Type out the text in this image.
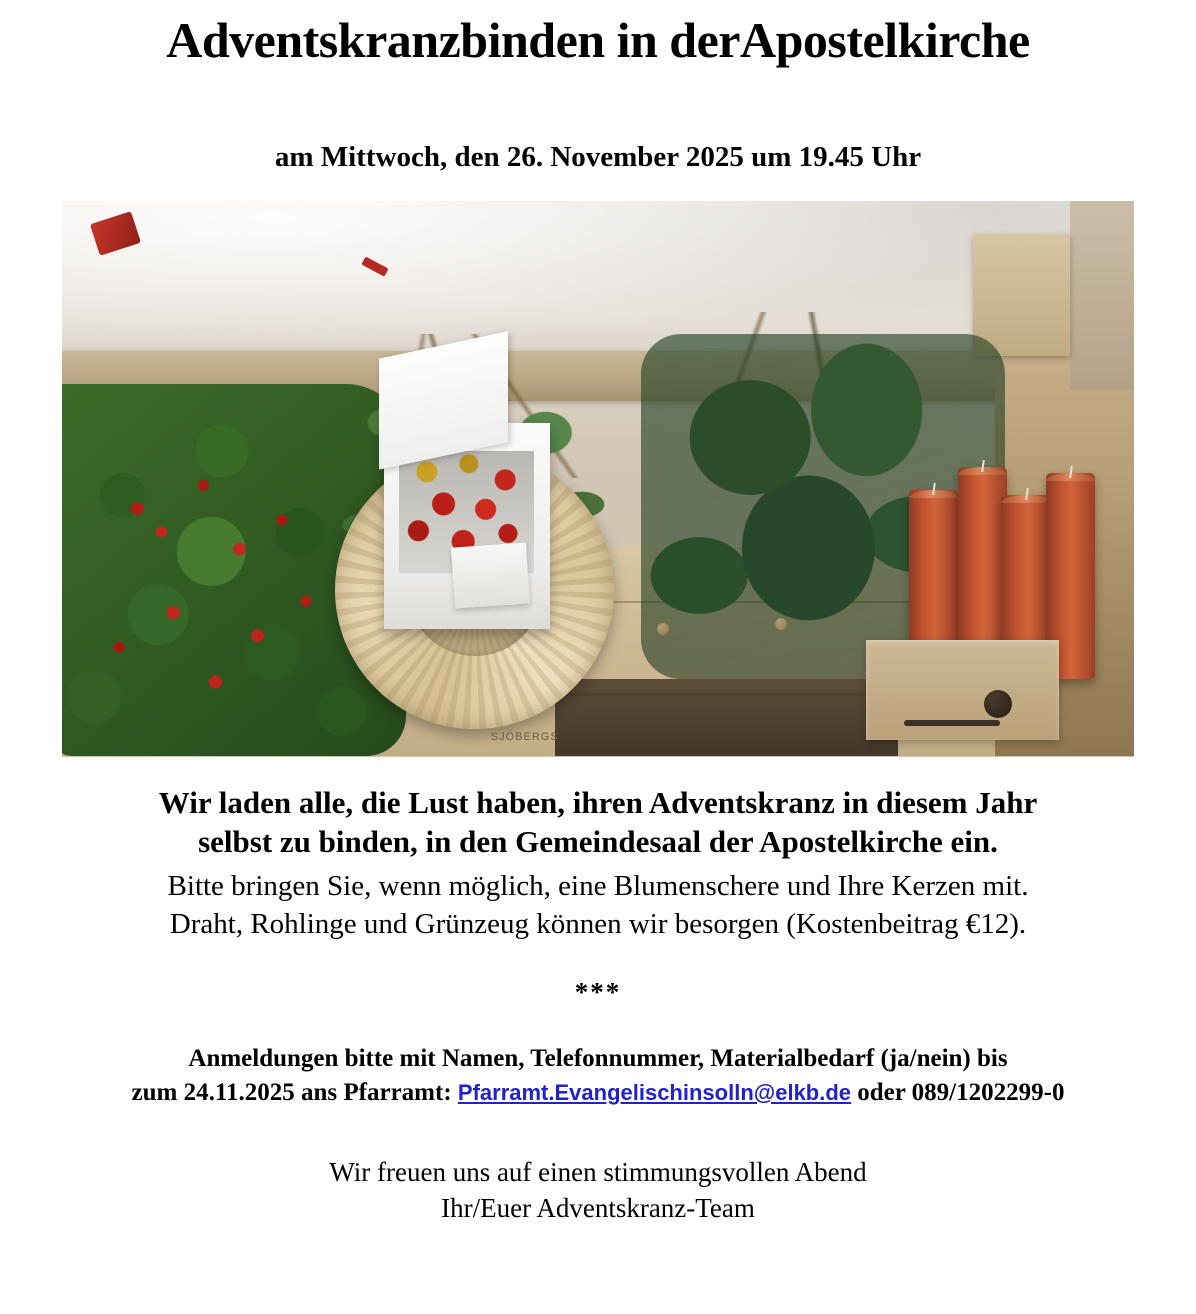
Adventskranzbinden in derApostelkirche
am Mittwoch, den 26. November 2025 um 19.45 Uhr
SJÖBERGS
Wir laden alle, die Lust haben, ihren Adventskranz in diesem Jahr
selbst zu binden, in den Gemeindesaal der Apostelkirche ein.
Bitte bringen Sie, wenn möglich, eine Blumenschere und Ihre Kerzen mit.
Draht, Rohlinge und Grünzeug können wir besorgen (Kostenbeitrag €12).
***
Anmeldungen bitte mit Namen, Telefonnummer, Materialbedarf (ja/nein) bis
zum 24.11.2025 ans Pfarramt: Pfarramt.Evangelischinsolln@elkb.de oder 089/1202299-0
Wir freuen uns auf einen stimmungsvollen Abend
Ihr/Euer Adventskranz-Team
